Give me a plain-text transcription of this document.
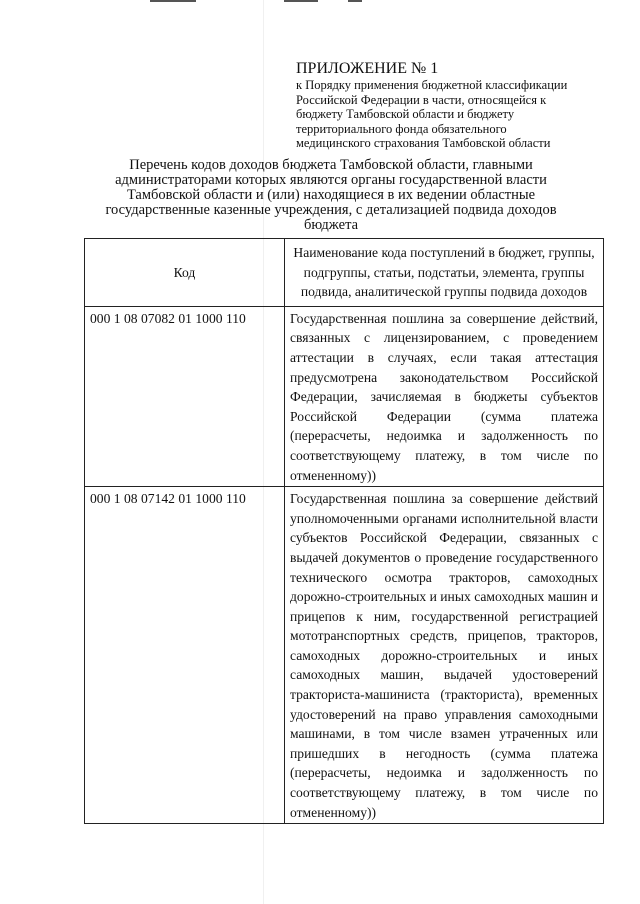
ПРИЛОЖЕНИЕ № 1
к Порядку применения бюджетной классификации
Российской Федерации в части, относящейся к
бюджету Тамбовской области и бюджету
территориального фонда обязательного
медицинского страхования Тамбовской области
Перечень кодов доходов бюджета Тамбовской области, главными
администраторами которых являются органы государственной власти
Тамбовской области и (или) находящиеся в их ведении областные
государственные казенные учреждения, с детализацией подвида доходов
бюджета
Код	Наименование кода поступлений в бюджет, группы, подгруппы, статьи, подстатьи, элемента, группы подвида, аналитической группы подвида доходов
000 1 08 07082 01 1000 110	Государственная пошлина за совершение действий, связанных с лицензированием, с проведением аттестации в случаях, если такая аттестация предусмотрена законодательством Российской Федерации, зачисляемая в бюджеты субъектов Российской Федерации (сумма платежа (перерасчеты, недоимка и задолженность по соответствующему платежу, в том числе по отмененному))
000 1 08 07142 01 1000 110	Государственная пошлина за совершение действий уполномоченными органами исполнительной власти субъектов Российской Федерации, связанных с выдачей документов о проведение государственного технического осмотра тракторов, самоходных дорожно-строительных и иных самоходных машин и прицепов к ним, государственной регистрацией мототранспортных средств, прицепов, тракторов, самоходных дорожно-строительных и иных самоходных машин, выдачей удостоверений тракториста-машиниста (тракториста), временных удостоверений на право управления самоходными машинами, в том числе взамен утраченных или пришедших в негодность (сумма платежа (перерасчеты, недоимка и задолженность по соответствующему платежу, в том числе по отмененному))
